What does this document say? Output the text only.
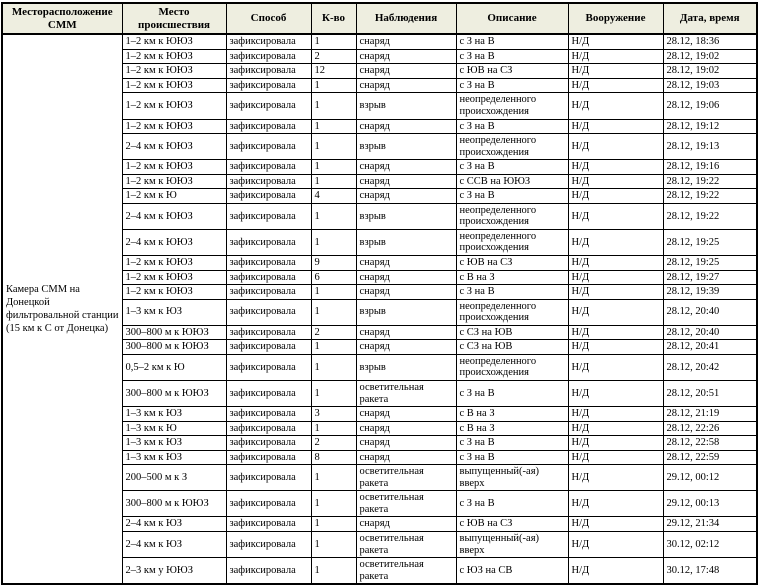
Месторасположение СММ	Место происшествия	Способ	К-во	Наблюдения	Описание	Вооружение	Дата, время
Камера СММ на Донецкой фильтровальной станции (15 км к С от Донецка)	1–2 км к ЮЮЗ	зафиксировала	1	снаряд	с З на В	Н/Д	28.12, 18:36
	1–2 км к ЮЮЗ	зафиксировала	2	снаряд	с З на В	Н/Д	28.12, 19:02
	1–2 км к ЮЮЗ	зафиксировала	12	снаряд	с ЮВ на СЗ	Н/Д	28.12, 19:02
	1–2 км к ЮЮЗ	зафиксировала	1	снаряд	с З на В	Н/Д	28.12, 19:03
	1–2 км к ЮЮЗ	зафиксировала	1	взрыв	неопределенного происхождения	Н/Д	28.12, 19:06
	1–2 км к ЮЮЗ	зафиксировала	1	снаряд	с З на В	Н/Д	28.12, 19:12
	2–4 км к ЮЮЗ	зафиксировала	1	взрыв	неопределенного происхождения	Н/Д	28.12, 19:13
	1–2 км к ЮЮЗ	зафиксировала	1	снаряд	с З на В	Н/Д	28.12, 19:16
	1–2 км к ЮЮЗ	зафиксировала	1	снаряд	с ССВ на ЮЮЗ	Н/Д	28.12, 19:22
	1–2 км к Ю	зафиксировала	4	снаряд	с З на В	Н/Д	28.12, 19:22
	2–4 км к ЮЮЗ	зафиксировала	1	взрыв	неопределенного происхождения	Н/Д	28.12, 19:22
	2–4 км к ЮЮЗ	зафиксировала	1	взрыв	неопределенного происхождения	Н/Д	28.12, 19:25
	1–2 км к ЮЮЗ	зафиксировала	9	снаряд	с ЮВ на СЗ	Н/Д	28.12, 19:25
	1–2 км к ЮЮЗ	зафиксировала	6	снаряд	с В на З	Н/Д	28.12, 19:27
	1–2 км к ЮЮЗ	зафиксировала	1	снаряд	с З на В	Н/Д	28.12, 19:39
	1–3 км к ЮЗ	зафиксировала	1	взрыв	неопределенного происхождения	Н/Д	28.12, 20:40
	300–800 м к ЮЮЗ	зафиксировала	2	снаряд	с СЗ на ЮВ	Н/Д	28.12, 20:40
	300–800 м к ЮЮЗ	зафиксировала	1	снаряд	с СЗ на ЮВ	Н/Д	28.12, 20:41
	0,5–2 км к Ю	зафиксировала	1	взрыв	неопределенного происхождения	Н/Д	28.12, 20:42
	300–800 м к ЮЮЗ	зафиксировала	1	осветительная ракета	с З на В	Н/Д	28.12, 20:51
	1–3 км к ЮЗ	зафиксировала	3	снаряд	с В на З	Н/Д	28.12, 21:19
	1–3 км к Ю	зафиксировала	1	снаряд	с В на З	Н/Д	28.12, 22:26
	1–3 км к ЮЗ	зафиксировала	2	снаряд	с З на В	Н/Д	28.12, 22:58
	1–3 км к ЮЗ	зафиксировала	8	снаряд	с З на В	Н/Д	28.12, 22:59
	200–500 м к З	зафиксировала	1	осветительная ракета	выпущенный(-ая) вверх	Н/Д	29.12, 00:12
	300–800 м к ЮЮЗ	зафиксировала	1	осветительная ракета	с З на В	Н/Д	29.12, 00:13
	2–4 км к ЮЗ	зафиксировала	1	снаряд	с ЮВ на СЗ	Н/Д	29.12, 21:34
	2–4 км к ЮЗ	зафиксировала	1	осветительная ракета	выпущенный(-ая) вверх	Н/Д	30.12, 02:12
	2–3 км у ЮЮЗ	зафиксировала	1	осветительная ракета	с ЮЗ на СВ	Н/Д	30.12, 17:48
